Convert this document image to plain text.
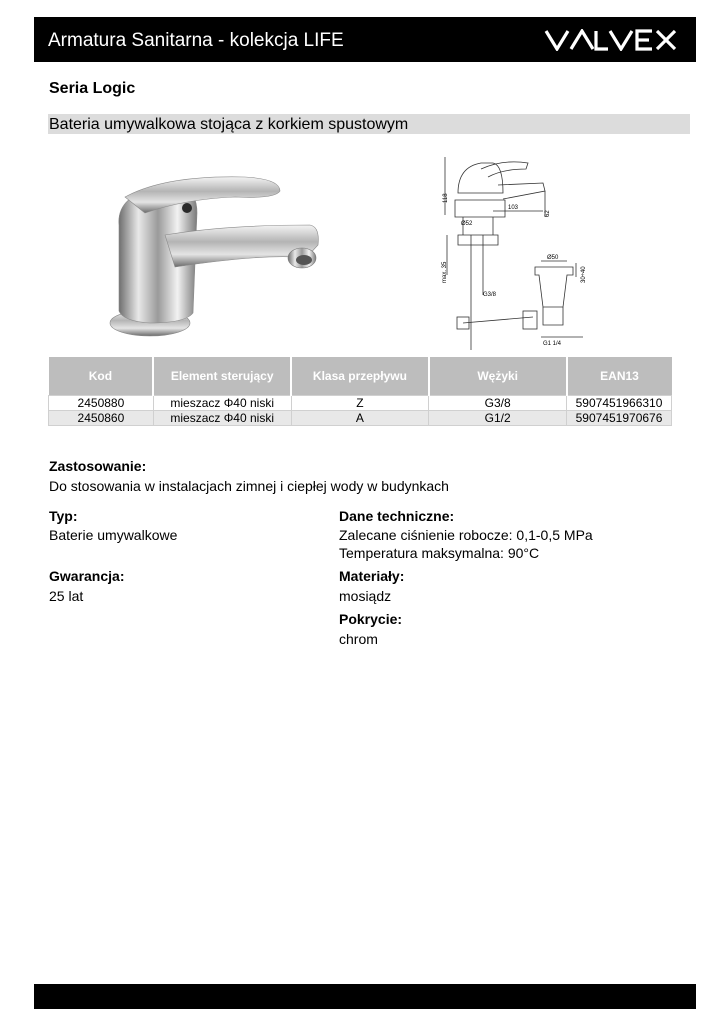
Armatura Sanitarna - kolekcja LIFE
VALVEX
Seria Logic
Bateria umywalkowa stojąca z korkiem spustowym
118
103
62
Ø52
max. 35
G3/8
Ø50
30÷40
G1 1/4
Kod	Element sterujący	Klasa przepływu	Wężyki	EAN13
2450880	mieszacz Φ40 niski	Z	G3/8	5907451966310
2450860	mieszacz Φ40 niski	A	G1/2	5907451970676
Zastosowanie:
Do stosowania w instalacjach zimnej i ciepłej wody w budynkach
Typ:
Baterie umywalkowe
Gwarancja:
25 lat
Dane techniczne:
Zalecane ciśnienie robocze: 0,1-0,5 MPa
Temperatura maksymalna: 90°C
Materiały:
mosiądz
Pokrycie:
chrom
